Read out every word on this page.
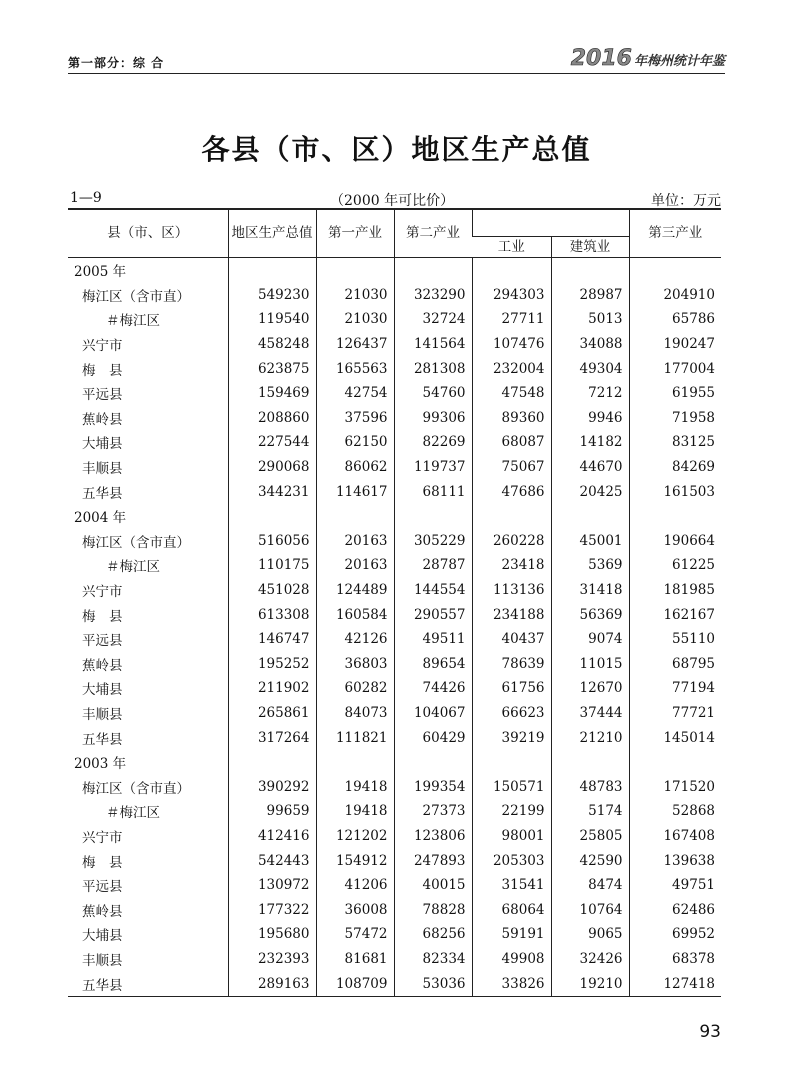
第一部分：综 合	2016 年梅州统计年鉴
各县（市、区）地区生产总值
1—9	（2000 年可比价）	单位：万元
县（市、区）	地区生产总值	第一产业	第二产业			第三产业
				工业	建筑业	
2005 年						
梅江区（含市直）	549230	21030	323290	294303	28987	204910
＃梅江区	119540	21030	32724	27711	5013	65786
兴宁市	458248	126437	141564	107476	34088	190247
梅　县	623875	165563	281308	232004	49304	177004
平远县	159469	42754	54760	47548	7212	61955
蕉岭县	208860	37596	99306	89360	9946	71958
大埔县	227544	62150	82269	68087	14182	83125
丰顺县	290068	86062	119737	75067	44670	84269
五华县	344231	114617	68111	47686	20425	161503
2004 年						
梅江区（含市直）	516056	20163	305229	260228	45001	190664
＃梅江区	110175	20163	28787	23418	5369	61225
兴宁市	451028	124489	144554	113136	31418	181985
梅　县	613308	160584	290557	234188	56369	162167
平远县	146747	42126	49511	40437	9074	55110
蕉岭县	195252	36803	89654	78639	11015	68795
大埔县	211902	60282	74426	61756	12670	77194
丰顺县	265861	84073	104067	66623	37444	77721
五华县	317264	111821	60429	39219	21210	145014
2003 年						
梅江区（含市直）	390292	19418	199354	150571	48783	171520
＃梅江区	99659	19418	27373	22199	5174	52868
兴宁市	412416	121202	123806	98001	25805	167408
梅　县	542443	154912	247893	205303	42590	139638
平远县	130972	41206	40015	31541	8474	49751
蕉岭县	177322	36008	78828	68064	10764	62486
大埔县	195680	57472	68256	59191	9065	69952
丰顺县	232393	81681	82334	49908	32426	68378
五华县	289163	108709	53036	33826	19210	127418
93
